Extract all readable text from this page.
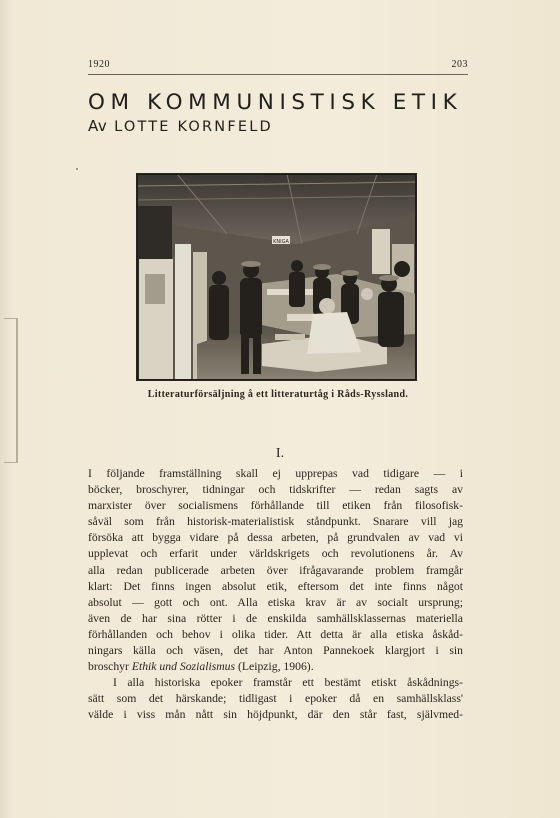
1920	203
OM KOMMUNISTISK ETIK
Av LOTTE KORNFELD
KNIGA
Litteraturförsäljning å ett litteraturtåg i Råds-Ryssland.
I.
I följande framställning skall ej upprepas vad tidigare — i
böcker, broschyrer, tidningar och tidskrifter — redan sagts av
marxister över socialismens förhållande till etiken från filosofisk-
såväl som från historisk-materialistisk ståndpunkt. Snarare vill jag
försöka att bygga vidare på dessa arbeten, på grundvalen av vad vi
upplevat och erfarit under världskrigets och revolutionens år. Av
alla redan publicerade arbeten över ifrågavarande problem framgår
klart: Det finns ingen absolut etik, eftersom det inte finns något
absolut — gott och ont. Alla etiska krav är av socialt ursprung;
även de har sina rötter i de enskilda samhällsklassernas materiella
förhållanden och behov i olika tider. Att detta är alla etiska åskåd-
ningars källa och väsen, det har Anton Pannekoek klargjort i sin
broschyr Ethik und Sozialismus (Leipzig, 1906).
I alla historiska epoker framstår ett bestämt etiskt åskådnings-
sätt som det härskande; tidligast i epoker då en samhällsklass'
välde i viss mån nått sin höjdpunkt, där den står fast, självmed-
